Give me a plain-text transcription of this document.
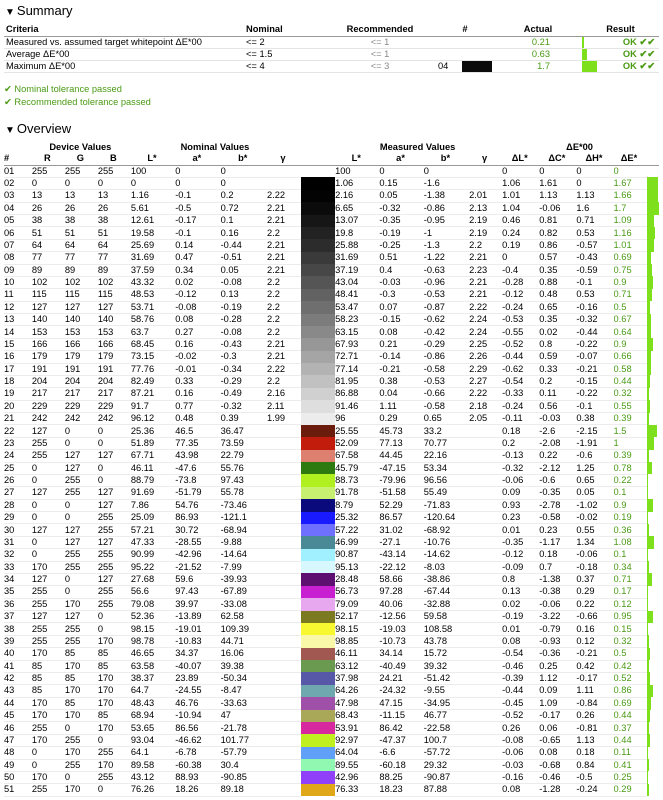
▼ Summary
Criteria	Nominal	Recommended	#	Actual	Result
Measured vs. assumed target whitepoint ΔE*00	<= 2	<= 1		0.21	OK ✔✔

Average ΔE*00	<= 1.5	<= 1		0.63	OK ✔✔

Maximum ΔE*00	<= 4	<= 3	04	1.7	OK ✔✔
✔ Nominal tolerance passed
✔ Recommended tolerance passed
▼ Overview
	Device Values			Nominal Values					Measured Values				ΔE*00				
#	R	G	B	L*	a*	b*	γ		L*	a*	b*	γ	ΔL*	ΔC*	ΔH*	ΔE*	
01	255	255	255	100	0	0			100	0	0		0	0	0	0	

02	0	0	0	0	0	0			1.06	0.15	-1.6		1.06	1.61	0	1.67	

03	13	13	13	1.16	-0.1	0.2	2.22		2.16	0.05	-1.38	2.01	1.01	1.13	1.13	1.66	

04	26	26	26	5.61	-0.5	0.72	2.21		6.65	-0.32	-0.86	2.13	1.04	-0.06	1.6	1.7	

05	38	38	38	12.61	-0.17	0.1	2.21		13.07	-0.35	-0.95	2.19	0.46	0.81	0.71	1.09	

06	51	51	51	19.58	-0.1	0.16	2.2		19.8	-0.19	-1	2.19	0.24	0.82	0.53	1.16	

07	64	64	64	25.69	0.14	-0.44	2.21		25.88	-0.25	-1.3	2.2	0.19	0.86	-0.57	1.01	

08	77	77	77	31.69	0.47	-0.51	2.21		31.69	0.51	-1.22	2.21	0	0.57	-0.43	0.69	

09	89	89	89	37.59	0.34	0.05	2.21		37.19	0.4	-0.63	2.23	-0.4	0.35	-0.59	0.75	

10	102	102	102	43.32	0.02	-0.08	2.2		43.04	-0.03	-0.96	2.21	-0.28	0.88	-0.1	0.9	

11	115	115	115	48.53	-0.12	0.13	2.2		48.41	-0.3	-0.53	2.21	-0.12	0.48	0.53	0.71	

12	127	127	127	53.71	-0.08	-0.19	2.2		53.47	0.07	-0.87	2.22	-0.24	0.65	-0.16	0.5	

13	140	140	140	58.76	0.08	-0.28	2.2		58.23	-0.15	-0.62	2.24	-0.53	0.35	-0.32	0.67	

14	153	153	153	63.7	0.27	-0.08	2.2		63.15	0.08	-0.42	2.24	-0.55	0.02	-0.44	0.64	

15	166	166	166	68.45	0.16	-0.43	2.21		67.93	0.21	-0.29	2.25	-0.52	0.8	-0.22	0.9	

16	179	179	179	73.15	-0.02	-0.3	2.21		72.71	-0.14	-0.86	2.26	-0.44	0.59	-0.07	0.66	

17	191	191	191	77.76	-0.01	-0.34	2.22		77.14	-0.21	-0.58	2.29	-0.62	0.33	-0.21	0.58	

18	204	204	204	82.49	0.33	-0.29	2.2		81.95	0.38	-0.53	2.27	-0.54	0.2	-0.15	0.44	

19	217	217	217	87.21	0.16	-0.49	2.16		86.88	0.04	-0.66	2.22	-0.33	0.11	-0.22	0.32	

20	229	229	229	91.7	0.77	-0.32	2.11		91.46	1.11	-0.58	2.18	-0.24	0.56	-0.1	0.55	

21	242	242	242	96.12	0.48	0.39	1.99		96	0.29	0.65	2.05	-0.11	-0.03	0.38	0.39	

22	127	0	0	25.36	46.5	36.47			25.55	45.73	33.2		0.18	-2.6	-2.15	1.5	

23	255	0	0	51.89	77.35	73.59			52.09	77.13	70.77		0.2	-2.08	-1.91	1	

24	255	127	127	67.71	43.98	22.79			67.58	44.45	22.16		-0.13	0.22	-0.6	0.39	

25	0	127	0	46.11	-47.6	55.76			45.79	-47.15	53.34		-0.32	-2.12	1.25	0.78	

26	0	255	0	88.79	-73.8	97.43			88.73	-79.96	96.56		-0.06	-0.6	0.65	0.22	

27	127	255	127	91.69	-51.79	55.78			91.78	-51.58	55.49		0.09	-0.35	0.05	0.1	

28	0	0	127	7.86	54.76	-73.46			8.79	52.29	-71.83		0.93	-2.78	-1.02	0.9	

29	0	0	255	25.09	86.93	-121.1			25.32	86.57	-120.64		0.23	-0.58	-0.02	0.19	

30	127	127	255	57.21	30.72	-68.94			57.22	31.02	-68.92		0.01	0.23	0.55	0.36	

31	0	127	127	47.33	-28.55	-9.88			46.99	-27.1	-10.76		-0.35	-1.17	1.34	1.08	

32	0	255	255	90.99	-42.96	-14.64			90.87	-43.14	-14.62		-0.12	0.18	-0.06	0.1	

33	170	255	255	95.22	-21.52	-7.99			95.13	-22.12	-8.03		-0.09	0.7	-0.18	0.34	

34	127	0	127	27.68	59.6	-39.93			28.48	58.66	-38.86		0.8	-1.38	0.37	0.71	

35	255	0	255	56.6	97.43	-67.89			56.73	97.28	-67.44		0.13	-0.38	0.29	0.17	

36	255	170	255	79.08	39.97	-33.08			79.09	40.06	-32.88		0.02	-0.06	0.22	0.12	

37	127	127	0	52.36	-13.89	62.58			52.17	-12.56	59.58		-0.19	-3.22	-0.66	0.95	

38	255	255	0	98.15	-19.01	109.39			98.15	-19.03	108.58		0.01	-0.79	0.16	0.15	

39	255	255	170	98.78	-10.83	44.71			98.85	-10.73	43.78		0.08	-0.93	0.12	0.32	

40	170	85	85	46.65	34.37	16.06			46.11	34.14	15.72		-0.54	-0.36	-0.21	0.5	

41	85	170	85	63.58	-40.07	39.38			63.12	-40.49	39.32		-0.46	0.25	0.42	0.42	

42	85	85	170	38.37	23.89	-50.34			37.98	24.21	-51.42		-0.39	1.12	-0.17	0.52	

43	85	170	170	64.7	-24.55	-8.47			64.26	-24.32	-9.55		-0.44	0.09	1.11	0.86	

44	170	85	170	48.43	46.76	-33.63			47.98	47.15	-34.95		-0.45	1.09	-0.84	0.69	

45	170	170	85	68.94	-10.94	47			68.43	-11.15	46.77		-0.52	-0.17	0.26	0.44	

46	255	0	170	53.65	86.56	-21.78			53.91	86.42	-22.58		0.26	0.06	-0.81	0.37	

47	170	255	0	93.04	-46.62	101.77			92.97	-47.37	100.7		-0.08	-0.65	1.13	0.44	

48	0	170	255	64.1	-6.78	-57.79			64.04	-6.6	-57.72		-0.06	0.08	0.18	0.11	

49	0	255	170	89.58	-60.38	30.4			89.55	-60.18	29.32		-0.03	-0.68	0.84	0.41	

50	170	0	255	43.12	88.93	-90.85			42.96	88.25	-90.87		-0.16	-0.46	-0.5	0.25	

51	255	170	0	76.26	18.26	89.18			76.33	18.23	87.88		0.08	-1.28	-0.24	0.29	
